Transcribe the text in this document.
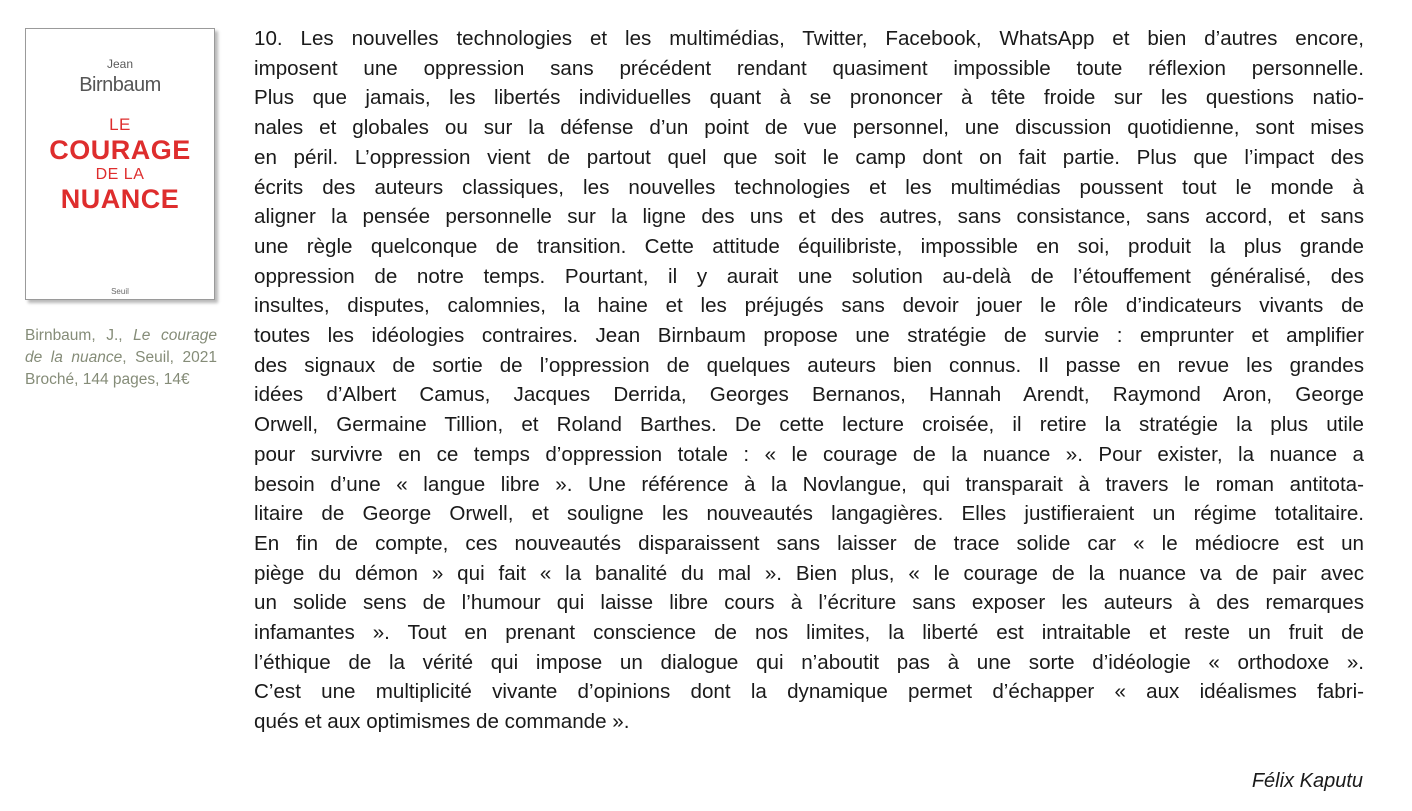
Jean
Birnbaum
LE
COURAGE
DE LA
NUANCE
Seuil
Birnbaum, J., Le courage de la nuance, Seuil, 2021 Broché, 144 pages, 14€
10. Les nouvelles technologies et les multimédias, Twitter, Facebook, WhatsApp et bien d’autres encore,
imposent une oppression sans précédent rendant quasiment impossible toute réflexion personnelle.
Plus que jamais, les libertés individuelles quant à se prononcer à tête froide sur les questions natio-
nales et globales ou sur la défense d’un point de vue personnel, une discussion quotidienne, sont mises
en péril. L’oppression vient de partout quel que soit le camp dont on fait partie. Plus que l’impact des
écrits des auteurs classiques, les nouvelles technologies et les multimédias poussent tout le monde à
aligner la pensée personnelle sur la ligne des uns et des autres, sans consistance, sans accord, et sans
une règle quelconque de transition. Cette attitude équilibriste, impossible en soi, produit la plus grande
oppression de notre temps. Pourtant, il y aurait une solution au-delà de l’étouffement généralisé, des
insultes, disputes, calomnies, la haine et les préjugés sans devoir jouer le rôle d’indicateurs vivants de
toutes les idéologies contraires. Jean Birnbaum propose une stratégie de survie : emprunter et amplifier
des signaux de sortie de l’oppression de quelques auteurs bien connus. Il passe en revue les grandes
idées d’Albert Camus, Jacques Derrida, Georges Bernanos, Hannah Arendt, Raymond Aron, George
Orwell, Germaine Tillion, et Roland Barthes. De cette lecture croisée, il retire la stratégie la plus utile
pour survivre en ce temps d’oppression totale : « le courage de la nuance ». Pour exister, la nuance a
besoin d’une « langue libre ». Une référence à la Novlangue, qui transparait à travers le roman antitota-
litaire de George Orwell, et souligne les nouveautés langagières. Elles justifieraient un régime totalitaire.
En fin de compte, ces nouveautés disparaissent sans laisser de trace solide car « le médiocre est un
piège du démon » qui fait « la banalité du mal ». Bien plus, « le courage de la nuance va de pair avec
un solide sens de l’humour qui laisse libre cours à l’écriture sans exposer les auteurs à des remarques
infamantes ». Tout en prenant conscience de nos limites, la liberté est intraitable et reste un fruit de
l’éthique de la vérité qui impose un dialogue qui n’aboutit pas à une sorte d’idéologie « orthodoxe ».
C’est une multiplicité vivante d’opinions dont la dynamique permet d’échapper « aux idéalismes fabri-
qués et aux optimismes de commande ».
Félix Kaputu
